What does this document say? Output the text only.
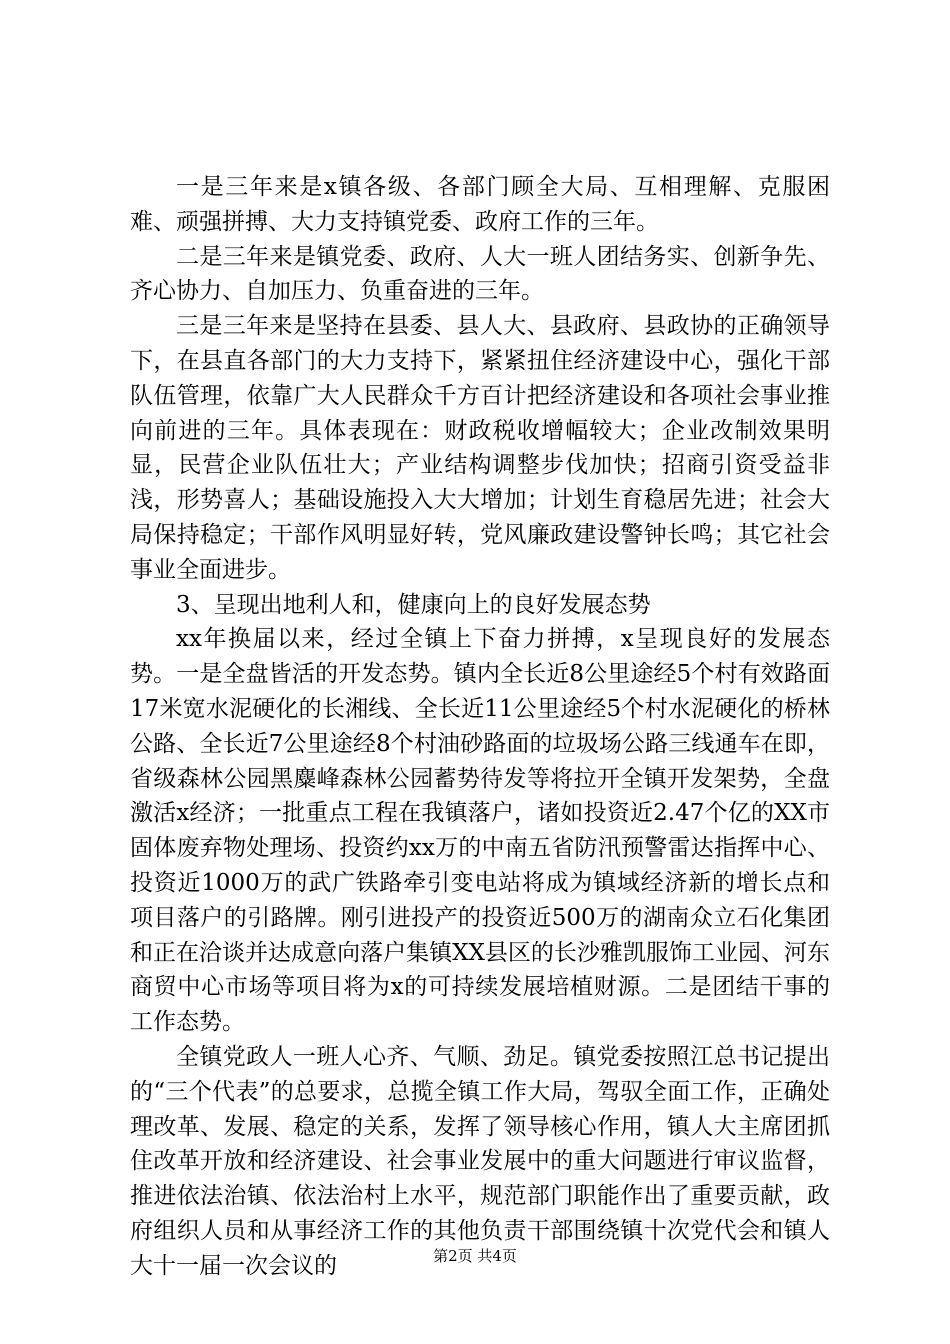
一是三年来是x镇各级、各部门顾全大局、互相理解、克服困难、顽强拼搏、大力支持镇党委、政府工作的三年。

二是三年来是镇党委、政府、人大一班人团结务实、创新争先、齐心协力、自加压力、负重奋进的三年。

三是三年来是坚持在县委、县人大、县政府、县政协的正确领导下，在县直各部门的大力支持下，紧紧扭住经济建设中心，强化干部队伍管理，依靠广大人民群众千方百计把经济建设和各项社会事业推向前进的三年。具体表现在：财政税收增幅较大；企业改制效果明显，民营企业队伍壮大；产业结构调整步伐加快；招商引资受益非浅，形势喜人；基础设施投入大大增加；计划生育稳居先进；社会大局保持稳定；干部作风明显好转，党风廉政建设警钟长鸣；其它社会事业全面进步。

3、呈现出地利人和，健康向上的良好发展态势

xx年换届以来，经过全镇上下奋力拼搏，x呈现良好的发展态势。一是全盘皆活的开发态势。镇内全长近8公里途经5个村有效路面17米宽水泥硬化的长湘线、全长近11公里途经5个村水泥硬化的桥林公路、全长近7公里途经8个村油砂路面的垃圾场公路三线通车在即，省级森林公园黑麋峰森林公园蓄势待发等将拉开全镇开发架势，全盘激活x经济；一批重点工程在我镇落户，诸如投资近2.47个亿的XX市固体废弃物处理场、投资约xx万的中南五省防汛预警雷达指挥中心、投资近1000万的武广铁路牵引变电站将成为镇域经济新的增长点和项目落户的引路牌。刚引进投产的投资近500万的湖南众立石化集团和正在洽谈并达成意向落户集镇XX县区的长沙雅凯服饰工业园、河东商贸中心市场等项目将为x的可持续发展培植财源。二是团结干事的工作态势。

全镇党政人一班人心齐、气顺、劲足。镇党委按照江总书记提出的“三个代表”的总要求，总揽全镇工作大局，驾驭全面工作，正确处理改革、发展、稳定的关系，发挥了领导核心作用，镇人大主席团抓住改革开放和经济建设、社会事业发展中的重大问题进行审议监督，推进依法治镇、依法治村上水平，规范部门职能作出了重要贡献，政府组织人员和从事经济工作的其他负责干部围绕镇十次党代会和镇人大十一届一次会议的	第2页 共4页
